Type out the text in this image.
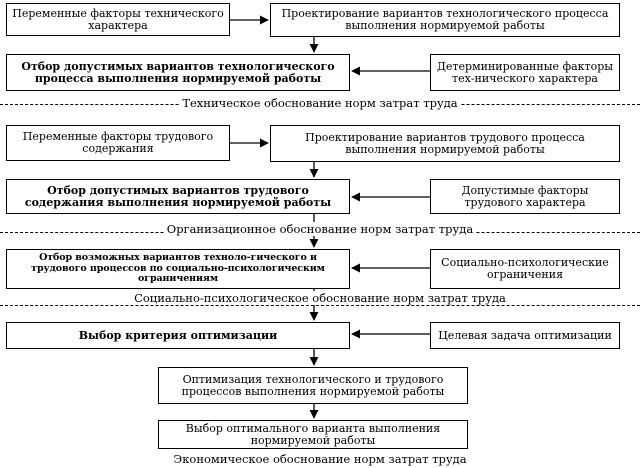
Переменные факторы технического характера
Проектирование вариантов технологического процесса выполнения нормируемой работы
Отбор допустимых вариантов технологического процесса выполнения нормируемой работы
Детерминированные факторы тех-нического характера
Техническое обоснование норм затрат труда
Переменные факторы трудового содержания
Проектирование вариантов трудового процесса выполнения нормируемой работы
Отбор допустимых вариантов трудового содержания выполнения нормируемой работы
Допустимые факторы трудового характера
Организационное обоснование норм затрат труда
Отбор возможных вариантов техноло-гического и трудового процессов по социально-психологическим ограничениям
Социально-психологические ограничения
Социально-психологическое обоснование норм затрат труда
Выбор критерия оптимизации	Целевая задача оптимизации
Оптимизация технологического и трудового процессов выполнения нормируемой работы
Выбор оптимального варианта выполнения нормируемой работы
Экономическое обоснование норм затрат труда
